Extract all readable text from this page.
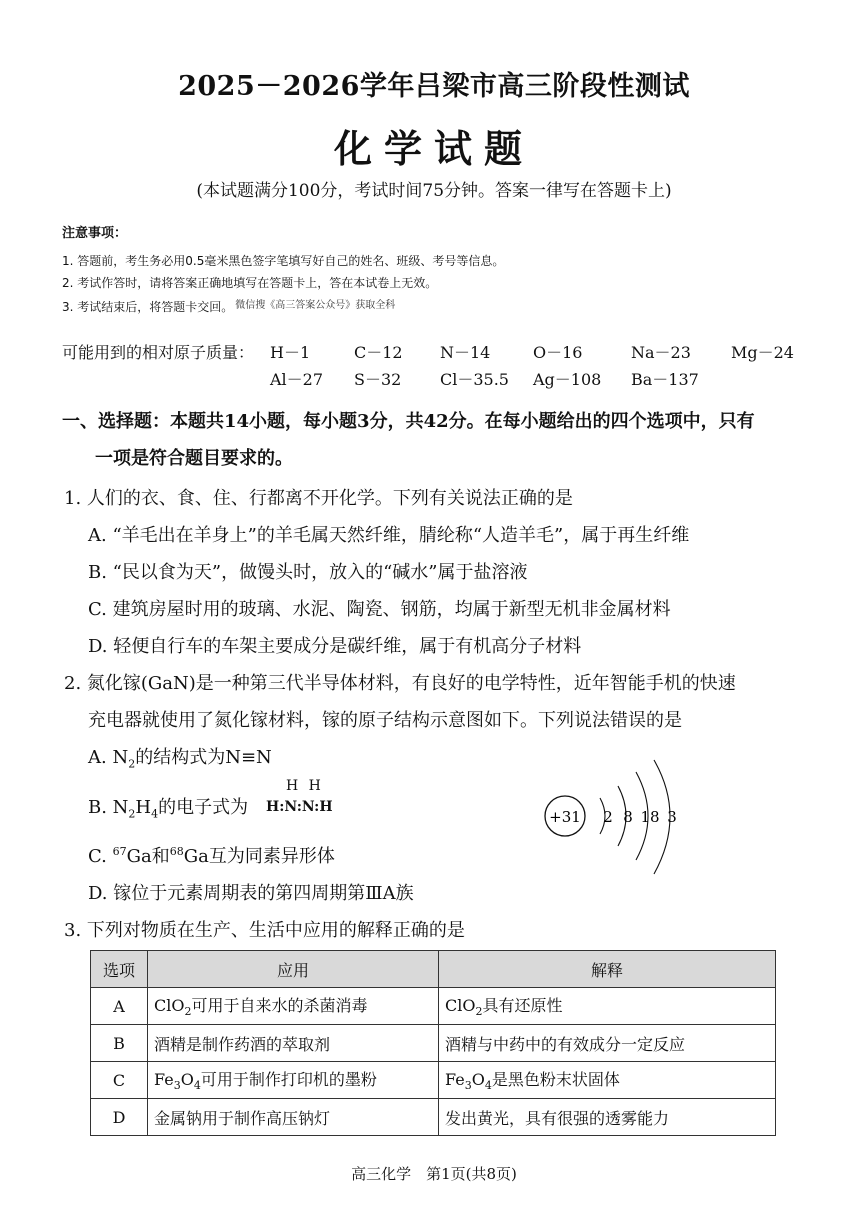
2025－2026学年吕梁市高三阶段性测试
化学试题
(本试题满分100分，考试时间75分钟。答案一律写在答题卡上)
注意事项：
1. 答题前，考生务必用0.5毫米黑色签字笔填写好自己的姓名、班级、考号等信息。
2. 考试作答时，请将答案正确地填写在答题卡上，答在本试卷上无效。
3. 考试结束后，将答题卡交回。 $^{微信搜《高三答案公众号》获取全科}$
可能用到的相对原子质量： H－1	C－12 N－14	O－16	Na－23	Mg－24
Al－27 S－32 Cl－35.5 Ag－108 Ba－137
一、选择题：本题共14小题，每小题3分，共42分。在每小题给出的四个选项中，只有
一项是符合题目要求的。
1. 人们的衣、食、住、行都离不开化学。下列有关说法正确的是
A. “羊毛出在羊身上”的羊毛属天然纤维，腈纶称“人造羊毛”，属于再生纤维
B. “民以食为天”，做馒头时，放入的“碱水”属于盐溶液
C. 建筑房屋时用的玻璃、水泥、陶瓷、钢筋，均属于新型无机非金属材料
D. 轻便自行车的车架主要成分是碳纤维，属于有机高分子材料
2. 氮化镓(GaN)是一种第三代半导体材料，有良好的电学特性，近年智能手机的快速
充电器就使用了氮化镓材料，镓的原子结构示意图如下。下列说法错误的是
A. $N_2$的结构式为N≡N
B. $N_2H_4$的电子式为
H H
H:N:N:H
+31 2 8 18 3
C. $^{67}$Ga和$^{68}$Ga互为同素异形体
D. 镓位于元素周期表的第四周期第ⅢA族
3. 下列对物质在生产、生活中应用的解释正确的是
选项	应用	解释
A	ClO$_2$可用于自来水的杀菌消毒	ClO$_2$具有还原性
B	酒精是制作药酒的萃取剂	酒精与中药中的有效成分一定反应
C	$Fe_3O_4$可用于制作打印机的墨粉	$Fe_3O_4$是黑色粉末状固体
D	金属钠用于制作高压钠灯	发出黄光，具有很强的透雾能力
高三化学　第1页(共8页)
